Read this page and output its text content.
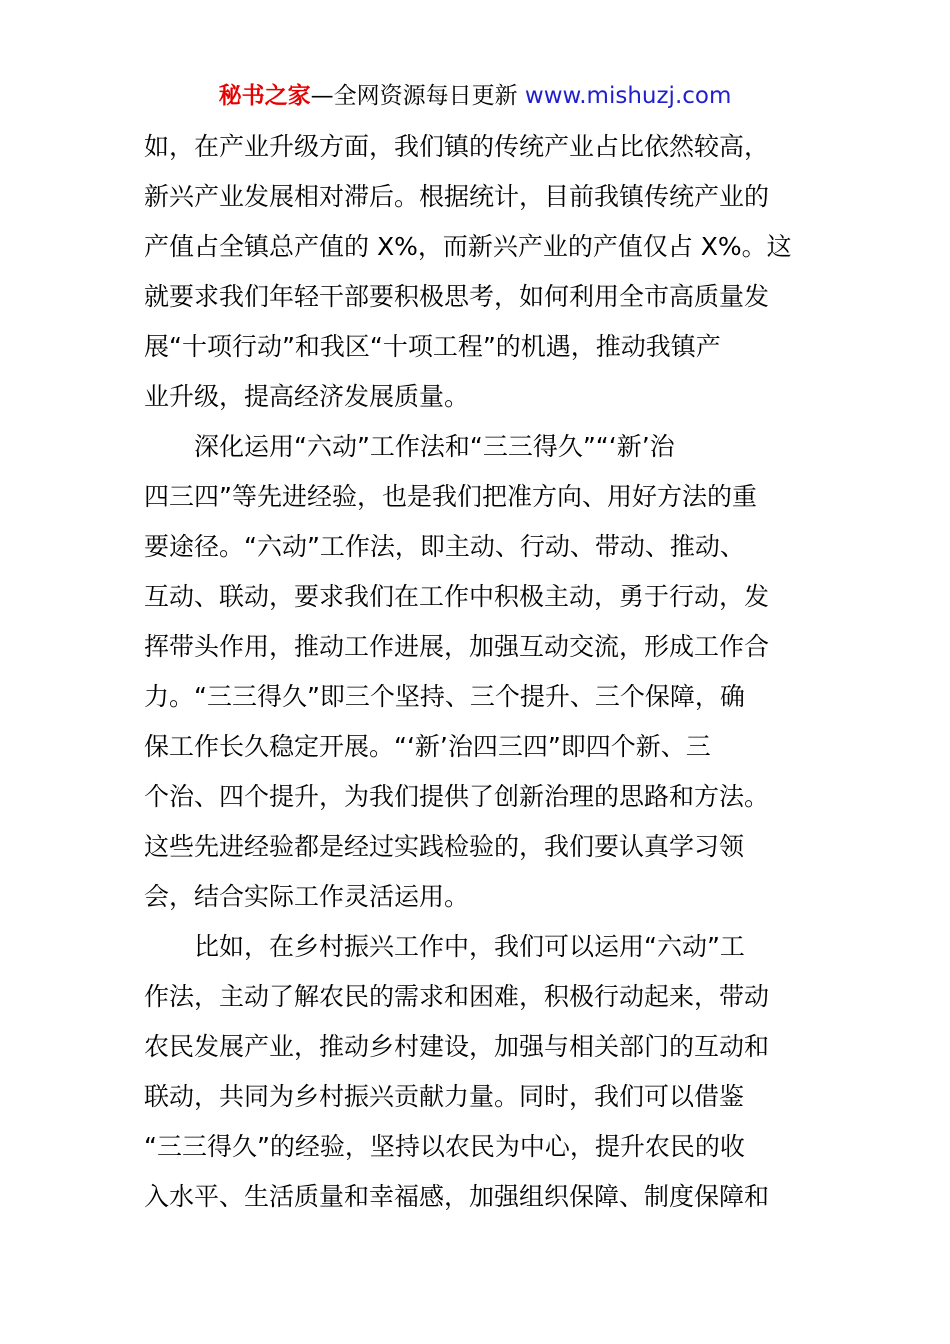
秘书之家—全网资源每日更新 www.mishuzj.com
如，在产业升级方面，我们镇的传统产业占比依然较高，
新兴产业发展相对滞后。根据统计，目前我镇传统产业的
产值占全镇总产值的 X%，而新兴产业的产值仅占 X%。这
就要求我们年轻干部要积极思考，如何利用全市高质量发
展“十项行动”和我区“十项工程”的机遇，推动我镇产
业升级，提高经济发展质量。
深化运用“六动”工作法和“三三得久”“‘新’治
四三四”等先进经验，也是我们把准方向、用好方法的重
要途径。“六动”工作法，即主动、行动、带动、推动、
互动、联动，要求我们在工作中积极主动，勇于行动，发
挥带头作用，推动工作进展，加强互动交流，形成工作合
力。“三三得久”即三个坚持、三个提升、三个保障，确
保工作长久稳定开展。“‘新’治四三四”即四个新、三
个治、四个提升，为我们提供了创新治理的思路和方法。
这些先进经验都是经过实践检验的，我们要认真学习领
会，结合实际工作灵活运用。
比如，在乡村振兴工作中，我们可以运用“六动”工
作法，主动了解农民的需求和困难，积极行动起来，带动
农民发展产业，推动乡村建设，加强与相关部门的互动和
联动，共同为乡村振兴贡献力量。同时，我们可以借鉴
“三三得久”的经验，坚持以农民为中心，提升农民的收
入水平、生活质量和幸福感，加强组织保障、制度保障和
